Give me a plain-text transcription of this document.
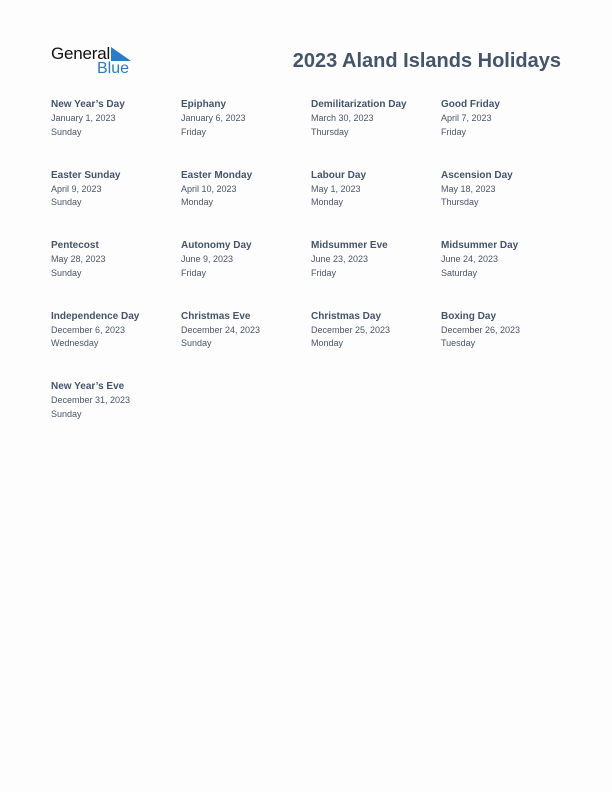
General
Blue	2023 Aland Islands Holidays
New Year’s Day
January 1, 2023
Sunday
Epiphany
January 6, 2023
Friday
Demilitarization Day
March 30, 2023
Thursday
Good Friday
April 7, 2023
Friday
Easter Sunday
April 9, 2023
Sunday
Easter Monday
April 10, 2023
Monday
Labour Day
May 1, 2023
Monday
Ascension Day
May 18, 2023
Thursday
Pentecost
May 28, 2023
Sunday
Autonomy Day
June 9, 2023
Friday
Midsummer Eve
June 23, 2023
Friday
Midsummer Day
June 24, 2023
Saturday
Independence Day
December 6, 2023
Wednesday
Christmas Eve
December 24, 2023
Sunday
Christmas Day
December 25, 2023
Monday
Boxing Day
December 26, 2023
Tuesday
New Year’s Eve
December 31, 2023
Sunday
